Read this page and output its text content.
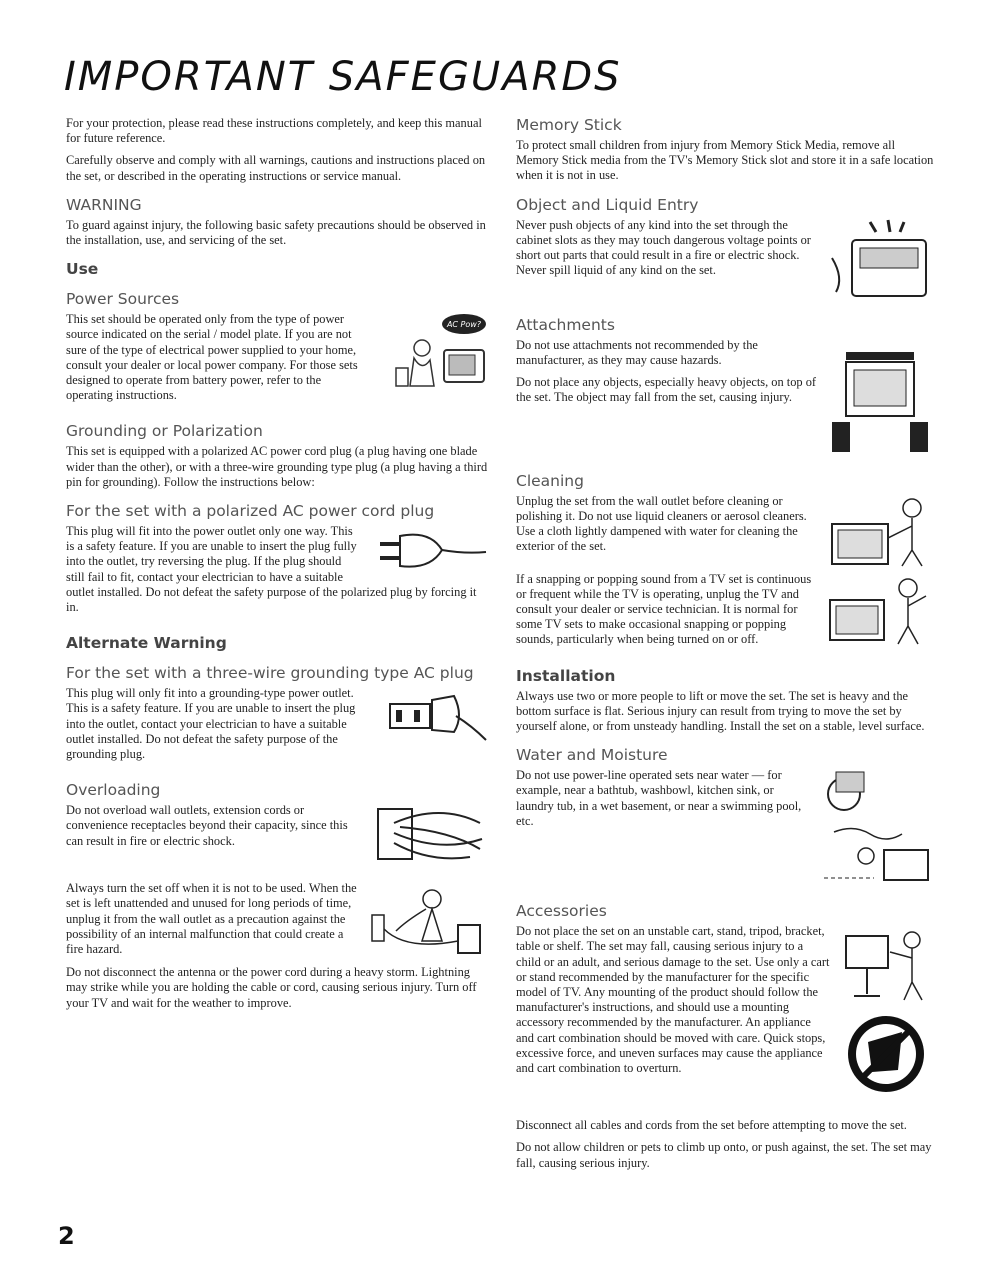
IMPORTANT SAFEGUARDS

For your protection, please read these instructions completely, and keep this manual for future reference.

Carefully observe and comply with all warnings, cautions and instructions placed on the set, or described in the operating instructions or service manual.

WARNING

To guard against injury, the following basic safety precautions should be observed in the installation, use, and servicing of the set.

Use
Power Sources
AC Pow?

This set should be operated only from the type of power source indicated on the serial / model plate. If you are not sure of the type of electrical power supplied to your home, consult your dealer or local power company. For those sets designed to operate from battery power, refer to the operating instructions.

Grounding or Polarization

This set is equipped with a polarized AC power cord plug (a plug having one blade wider than the other), or with a three-wire grounding type plug (a plug having a third pin for grounding). Follow the instructions below:

For the set with a polarized AC power cord plug

This plug will fit into the power outlet only one way. This is a safety feature. If you are unable to insert the plug fully into the outlet, try reversing the plug. If the plug should still fail to fit, contact your electrician to have a suitable outlet installed. Do not defeat the safety purpose of the polarized plug by forcing it in.

Alternate Warning
For the set with a three-wire grounding type AC plug

This plug will only fit into a grounding-type power outlet. This is a safety feature. If you are unable to insert the plug into the outlet, contact your electrician to have a suitable outlet installed. Do not defeat the safety purpose of the grounding plug.

Overloading

Do not overload wall outlets, extension cords or convenience receptacles beyond their capacity, since this can result in fire or electric shock.

Always turn the set off when it is not to be used. When the set is left unattended and unused for long periods of time, unplug it from the wall outlet as a precaution against the possibility of an internal malfunction that could create a fire hazard.

Do not disconnect the antenna or the power cord during a heavy storm. Lightning may strike while you are holding the cable or cord, causing serious injury. Turn off your TV and wait for the weather to improve.

Memory Stick

To protect small children from injury from Memory Stick Media, remove all Memory Stick media from the TV's Memory Stick slot and store it in a safe location when it is not in use.

Object and Liquid Entry

Never push objects of any kind into the set through the cabinet slots as they may touch dangerous voltage points or short out parts that could result in a fire or electric shock. Never spill liquid of any kind on the set.

Attachments

Do not use attachments not recommended by the manufacturer, as they may cause hazards.

Do not place any objects, especially heavy objects, on top of the set. The object may fall from the set, causing injury.

Cleaning

Unplug the set from the wall outlet before cleaning or polishing it. Do not use liquid cleaners or aerosol cleaners. Use a cloth lightly dampened with water for cleaning the exterior of the set.

If a snapping or popping sound from a TV set is continuous or frequent while the TV is operating, unplug the TV and consult your dealer or service technician. It is normal for some TV sets to make occasional snapping or popping sounds, particularly when being turned on or off.

Installation

Always use two or more people to lift or move the set. The set is heavy and the bottom surface is flat. Serious injury can result from trying to move the set by yourself alone, or from unsteady handling. Install the set on a stable, level surface.

Water and Moisture

Do not use power-line operated sets near water — for example, near a bathtub, washbowl, kitchen sink, or laundry tub, in a wet basement, or near a swimming pool, etc.

Accessories

Do not place the set on an unstable cart, stand, tripod, bracket, table or shelf. The set may fall, causing serious injury to a child or an adult, and serious damage to the set. Use only a cart or stand recommended by the manufacturer for the specific model of TV. Any mounting of the product should follow the manufacturer's instructions, and should use a mounting accessory recommended by the manufacturer. An appliance and cart combination should be moved with care. Quick stops, excessive force, and uneven surfaces may cause the appliance and cart combination to overturn.

Disconnect all cables and cords from the set before attempting to move the set.

Do not allow children or pets to climb up onto, or push against, the set. The set may fall, causing serious injury.

2
